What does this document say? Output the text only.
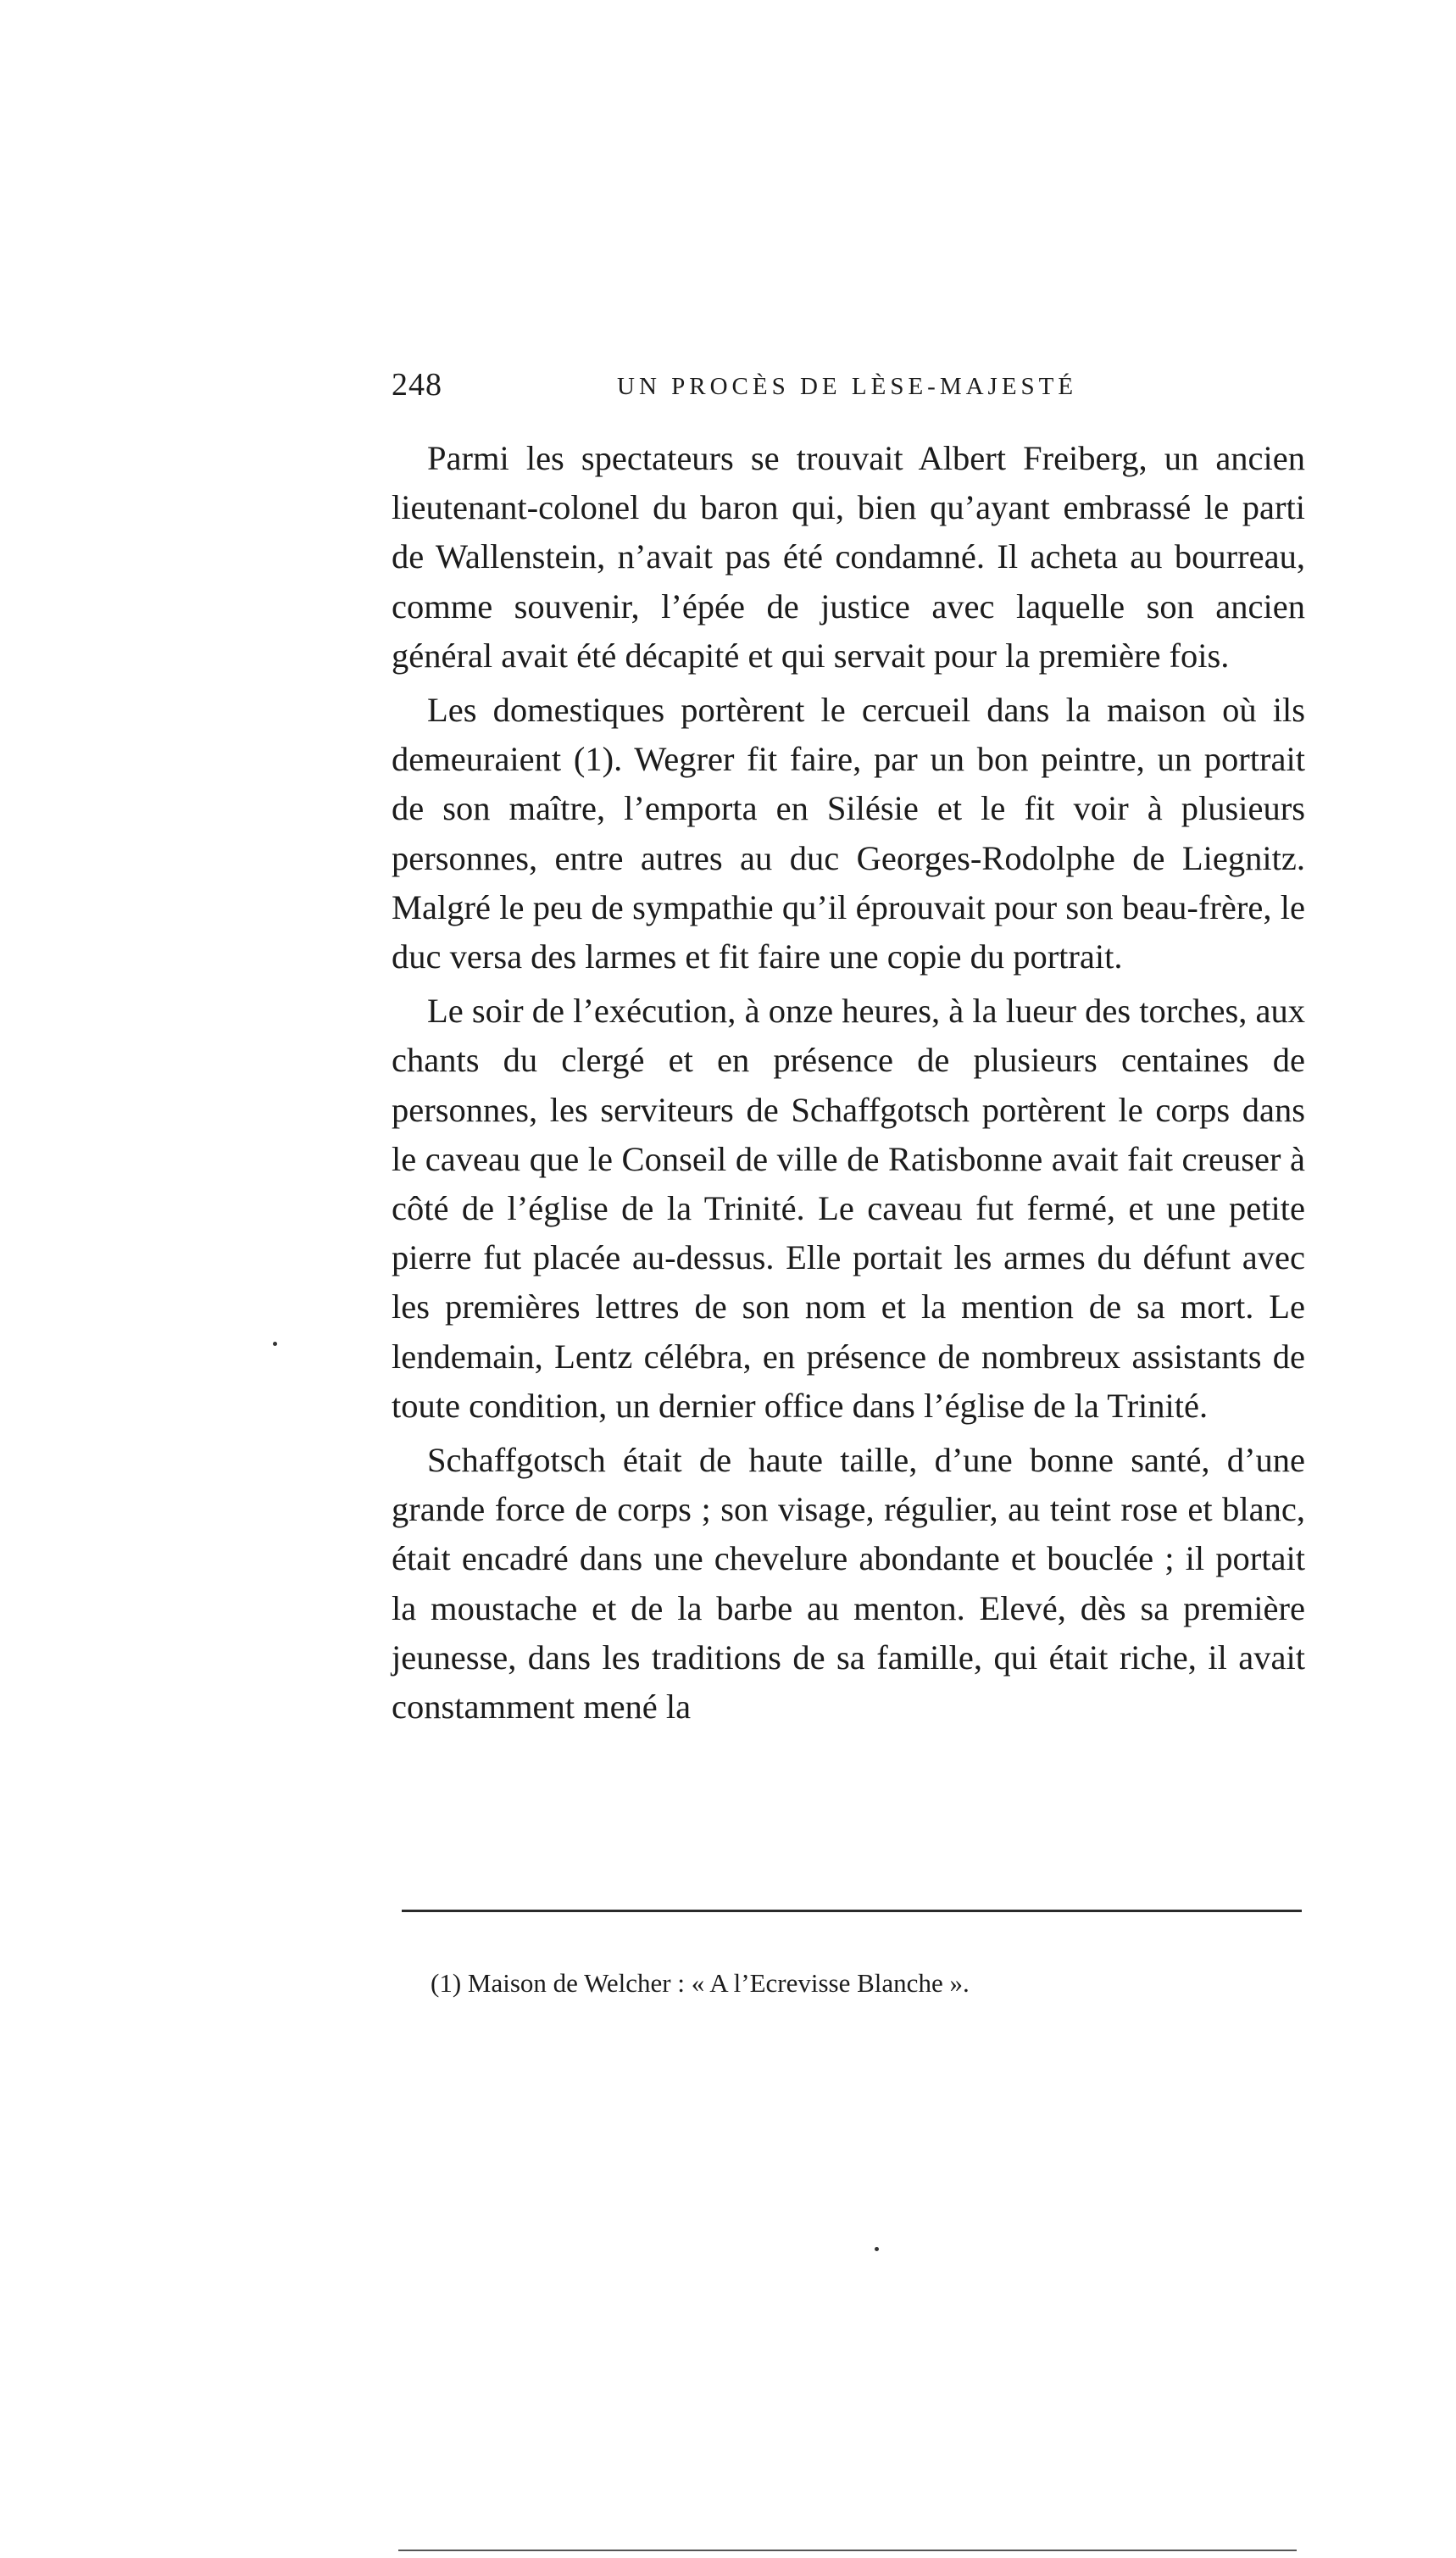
248	UN PROCÈS DE LÈSE-MAJESTÉ

Parmi les spectateurs se trouvait Albert Freiberg, un ancien lieutenant-colonel du baron qui, bien qu’ayant embrassé le parti de Wallenstein, n’avait pas été condamné. Il acheta au bourreau, comme souvenir, l’épée de justice avec laquelle son ancien général avait été décapité et qui servait pour la première fois.

Les domestiques portèrent le cercueil dans la maison où ils demeuraient (1). Wegrer fit faire, par un bon peintre, un portrait de son maître, l’emporta en Silésie et le fit voir à plusieurs personnes, entre autres au duc Georges-Rodolphe de Liegnitz. Malgré le peu de sympathie qu’il éprouvait pour son beau-frère, le duc versa des larmes et fit faire une copie du portrait.

Le soir de l’exécution, à onze heures, à la lueur des torches, aux chants du clergé et en présence de plusieurs centaines de personnes, les serviteurs de Schaffgotsch portèrent le corps dans le caveau que le Conseil de ville de Ratisbonne avait fait creuser à côté de l’église de la Trinité. Le caveau fut fermé, et une petite pierre fut placée au-dessus. Elle portait les armes du défunt avec les premières lettres de son nom et la mention de sa mort. Le lendemain, Lentz célébra, en présence de nombreux assistants de toute condition, un dernier office dans l’église de la Trinité.

Schaffgotsch était de haute taille, d’une bonne santé, d’une grande force de corps ; son visage, régulier, au teint rose et blanc, était encadré dans une chevelure abondante et bouclée ; il portait la moustache et de la barbe au menton. Elevé, dès sa première jeunesse, dans les traditions de sa famille, qui était riche, il avait constamment mené la

(1) Maison de Welcher : « A l’Ecrevisse Blanche ».
